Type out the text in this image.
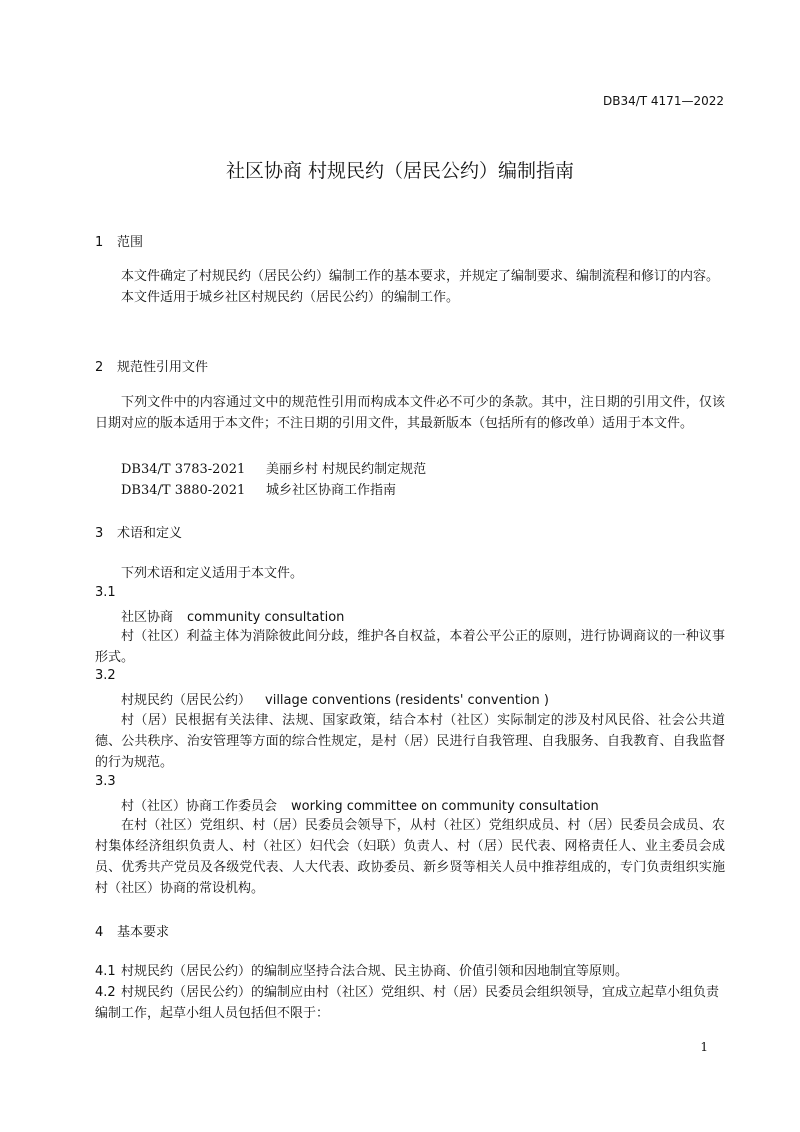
DB34/T 4171—2022
社区协商 村规民约（居民公约）编制指南
1 范围

本文件确定了村规民约（居民公约）编制工作的基本要求，并规定了编制要求、编制流程和修订的内容。

本文件适用于城乡社区村规民约（居民公约）的编制工作。

2 规范性引用文件

下列文件中的内容通过文中的规范性引用而构成本文件必不可少的条款。其中，注日期的引用文件，仅该日期对应的版本适用于本文件；不注日期的引用文件，其最新版本（包括所有的修改单）适用于本文件。

DB34/T 3783-2021 美丽乡村 村规民约制定规范
DB34/T 3880-2021 城乡社区协商工作指南
3 术语和定义

下列术语和定义适用于本文件。

3.1
社区协商 community consultation

村（社区）利益主体为消除彼此间分歧，维护各自权益，本着公平公正的原则，进行协调商议的一种议事形式。

3.2
村规民约（居民公约） village conventions (residents' convention )

村（居）民根据有关法律、法规、国家政策，结合本村（社区）实际制定的涉及村风民俗、社会公共道德、公共秩序、治安管理等方面的综合性规定，是村（居）民进行自我管理、自我服务、自我教育、自我监督的行为规范。

3.3
村（社区）协商工作委员会 working committee on community consultation

在村（社区）党组织、村（居）民委员会领导下，从村（社区）党组织成员、村（居）民委员会成员、农村集体经济组织负责人、村（社区）妇代会（妇联）负责人、村（居）民代表、网格责任人、业主委员会成员、优秀共产党员及各级党代表、人大代表、政协委员、新乡贤等相关人员中推荐组成的，专门负责组织实施村（社区）协商的常设机构。

4 基本要求
4.1 村规民约（居民公约）的编制应坚持合法合规、民主协商、价值引领和因地制宜等原则。
4.2 村规民约（居民公约）的编制应由村（社区）党组织、村（居）民委员会组织领导，宜成立起草小组负责编制工作，起草小组人员包括但不限于：
1
